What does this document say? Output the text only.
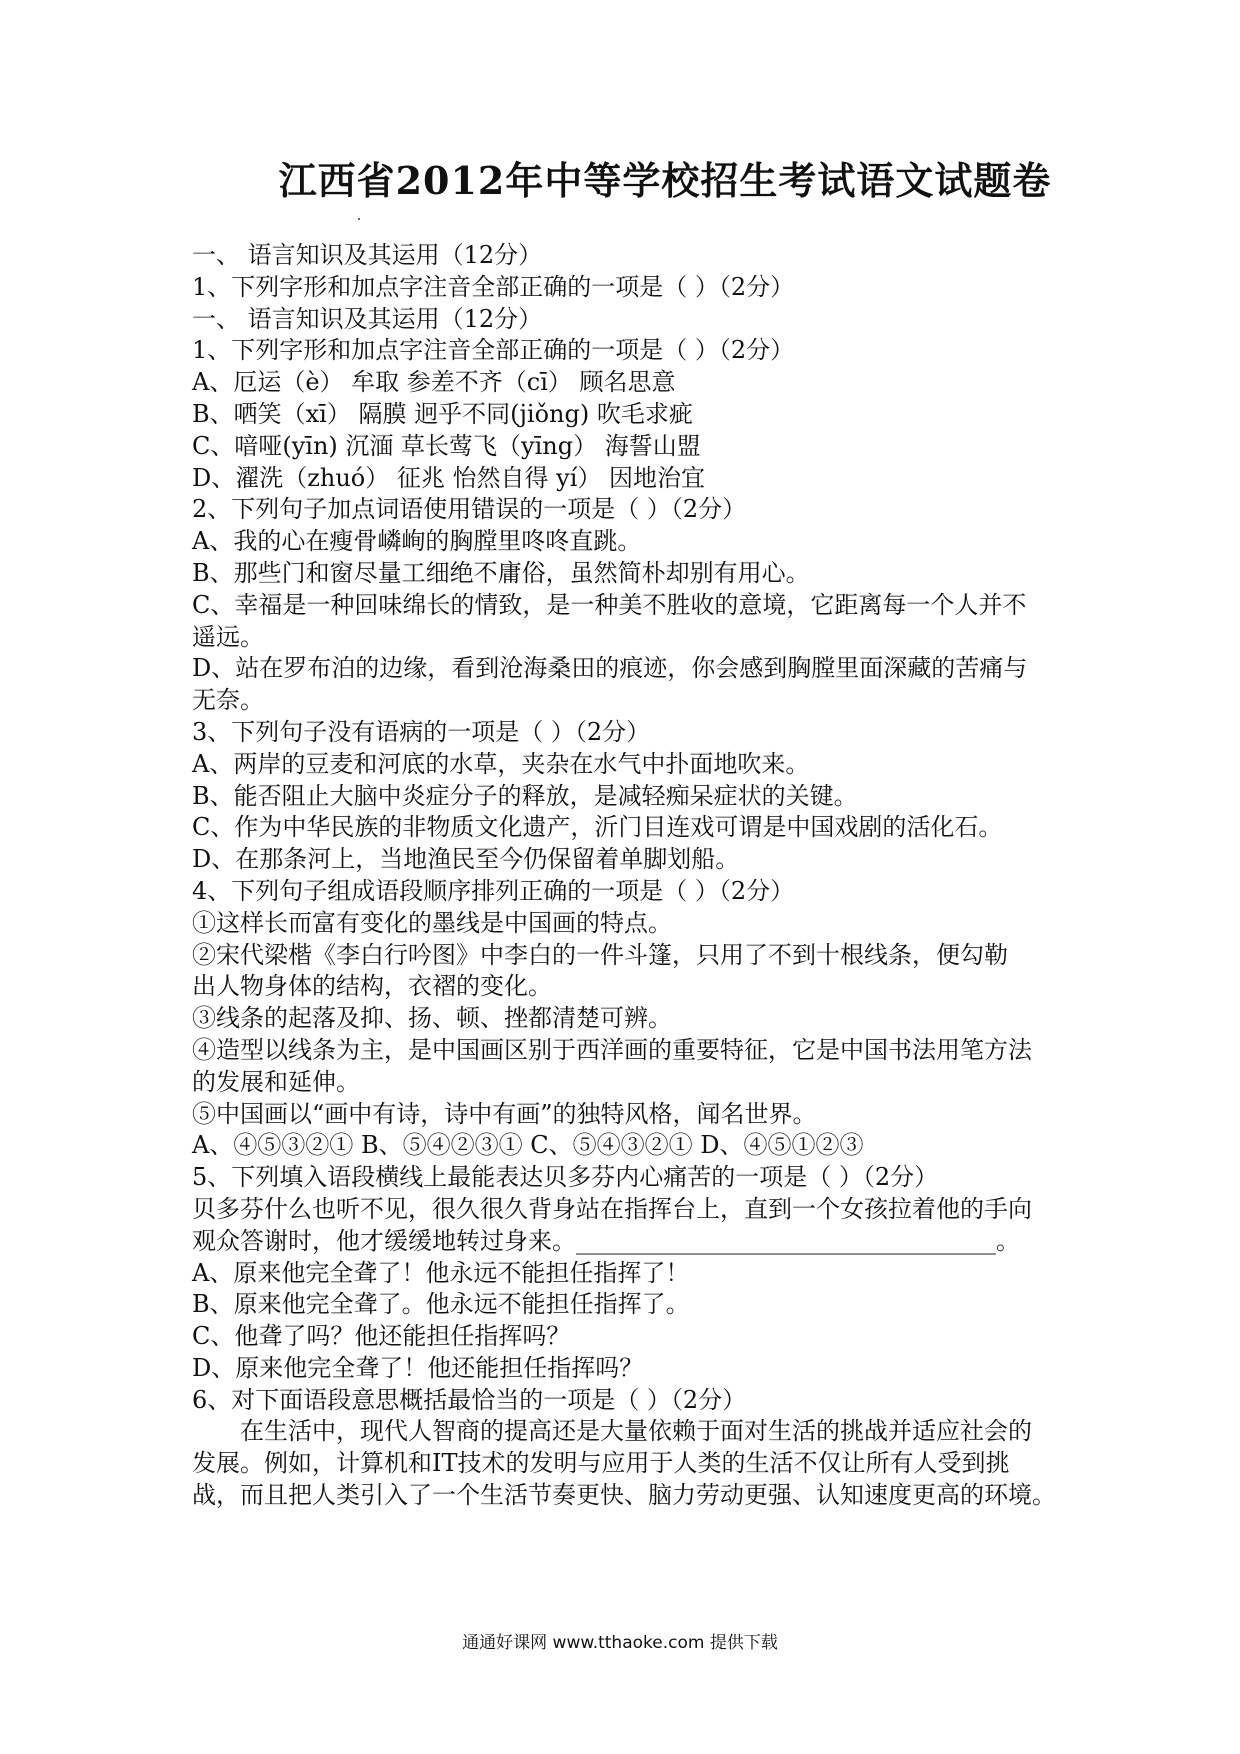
江西省2012年中等学校招生考试语文试题卷
一、 语言知识及其运用（12分）
1、下列字形和加点字注音全部正确的一项是（ ）（2分）
一、 语言知识及其运用（12分）
1、下列字形和加点字注音全部正确的一项是（ ）（2分）
A、厄运（è） 牟取 参差不齐（cī） 顾名思意
B、哂笑（xī） 隔膜 迥乎不同(jiǒng) 吹毛求疵
C、喑哑(yīn) 沉湎 草长莺飞（yīng） 海誓山盟
D、濯洗（zhuó） 征兆 怡然自得 yí） 因地治宜
2、下列句子加点词语使用错误的一项是（ ）（2分）
A、我的心在瘦骨嶙峋的胸膛里咚咚直跳。
B、那些门和窗尽量工细绝不庸俗，虽然简朴却别有用心。
C、幸福是一种回味绵长的情致，是一种美不胜收的意境，它距离每一个人并不
遥远。
D、站在罗布泊的边缘，看到沧海桑田的痕迹，你会感到胸膛里面深藏的苦痛与
无奈。
3、下列句子没有语病的一项是（ ）（2分）
A、两岸的豆麦和河底的水草，夹杂在水气中扑面地吹来。
B、能否阻止大脑中炎症分子的释放，是减轻痴呆症状的关键。
C、作为中华民族的非物质文化遗产，沂门目连戏可谓是中国戏剧的活化石。
D、在那条河上，当地渔民至今仍保留着单脚划船。
4、下列句子组成语段顺序排列正确的一项是（ ）（2分）
①这样长而富有变化的墨线是中国画的特点。
②宋代梁楷《李白行吟图》中李白的一件斗篷，只用了不到十根线条，便勾勒
出人物身体的结构，衣褶的变化。
③线条的起落及抑、扬、顿、挫都清楚可辨。
④造型以线条为主，是中国画区别于西洋画的重要特征，它是中国书法用笔方法
的发展和延伸。
⑤中国画以“画中有诗，诗中有画”的独特风格，闻名世界。
A、④⑤③②① B、⑤④②③① C、⑤④③②① D、④⑤①②③
5、下列填入语段横线上最能表达贝多芬内心痛苦的一项是（ ）（2分）
贝多芬什么也听不见，很久很久背身站在指挥台上，直到一个女孩拉着他的手向
观众答谢时，他才缓缓地转过身来。___________________________________。
A、原来他完全聋了！他永远不能担任指挥了！
B、原来他完全聋了。他永远不能担任指挥了。
C、他聋了吗？他还能担任指挥吗？
D、原来他完全聋了！他还能担任指挥吗？
6、对下面语段意思概括最恰当的一项是（ ）（2分）
在生活中，现代人智商的提高还是大量依赖于面对生活的挑战并适应社会的
发展。例如，计算机和IT技术的发明与应用于人类的生活不仅让所有人受到挑
战，而且把人类引入了一个生活节奏更快、脑力劳动更强、认知速度更高的环境。
通通好课网 www.tthaoke.com 提供下载
